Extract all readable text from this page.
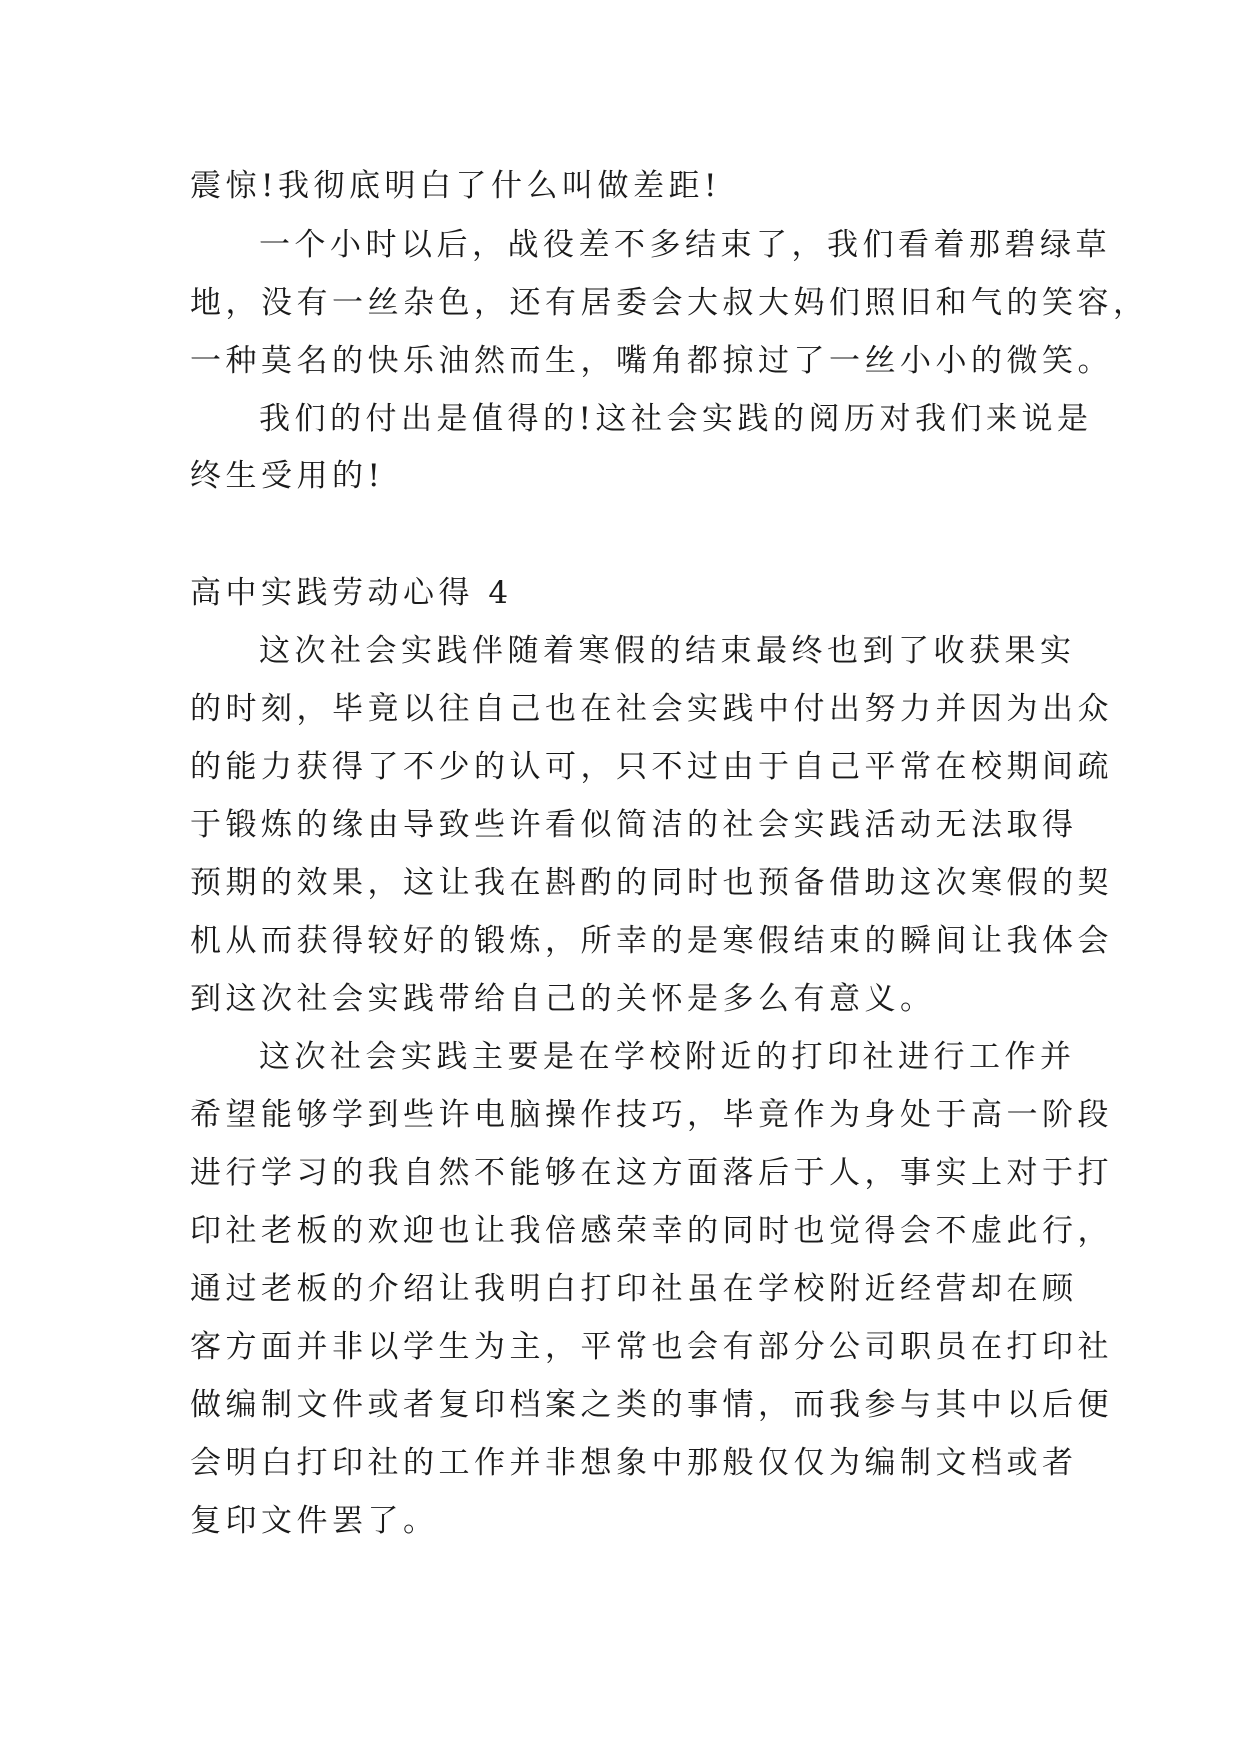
震惊!我彻底明白了什么叫做差距!
一个小时以后，战役差不多结束了，我们看着那碧绿草
地，没有一丝杂色，还有居委会大叔大妈们照旧和气的笑容，
一种莫名的快乐油然而生，嘴角都掠过了一丝小小的微笑。
我们的付出是值得的!这社会实践的阅历对我们来说是
终生受用的!
高中实践劳动心得 4
这次社会实践伴随着寒假的结束最终也到了收获果实
的时刻，毕竟以往自己也在社会实践中付出努力并因为出众
的能力获得了不少的认可，只不过由于自己平常在校期间疏
于锻炼的缘由导致些许看似简洁的社会实践活动无法取得
预期的效果，这让我在斟酌的同时也预备借助这次寒假的契
机从而获得较好的锻炼，所幸的是寒假结束的瞬间让我体会
到这次社会实践带给自己的关怀是多么有意义。
这次社会实践主要是在学校附近的打印社进行工作并
希望能够学到些许电脑操作技巧，毕竟作为身处于高一阶段
进行学习的我自然不能够在这方面落后于人，事实上对于打
印社老板的欢迎也让我倍感荣幸的同时也觉得会不虚此行，
通过老板的介绍让我明白打印社虽在学校附近经营却在顾
客方面并非以学生为主，平常也会有部分公司职员在打印社
做编制文件或者复印档案之类的事情，而我参与其中以后便
会明白打印社的工作并非想象中那般仅仅为编制文档或者
复印文件罢了。
